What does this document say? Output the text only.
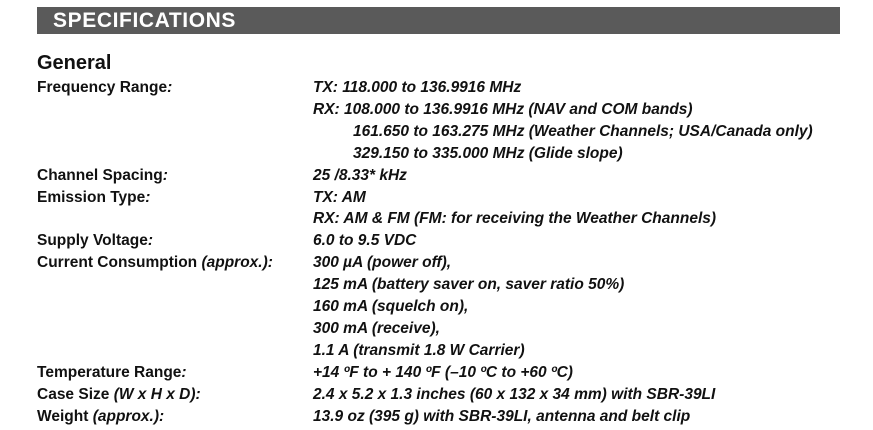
SPECIFICATIONS
General
Frequency Range:	TX: 118.000 to 136.9916 MHz
RX: 108.000 to 136.9916 MHz (NAV and COM bands)
161.650 to 163.275 MHz (Weather Channels; USA/Canada only)
329.150 to 335.000 MHz (Glide slope)
Channel Spacing:	25 /8.33* kHz
Emission Type:	TX: AM
RX: AM & FM (FM: for receiving the Weather Channels)
Supply Voltage:	6.0 to 9.5 VDC
Current Consumption (approx.):	300 µA (power off),
125 mA (battery saver on, saver ratio 50%)
160 mA (squelch on),
300 mA (receive),
1.1 A (transmit 1.8 W Carrier)
Temperature Range:	+14 ºF to + 140 ºF (–10 ºC to +60 ºC)
Case Size (W x H x D):	2.4 x 5.2 x 1.3 inches (60 x 132 x 34 mm) with SBR-39LI
Weight (approx.):	13.9 oz (395 g) with SBR-39LI, antenna and belt clip
